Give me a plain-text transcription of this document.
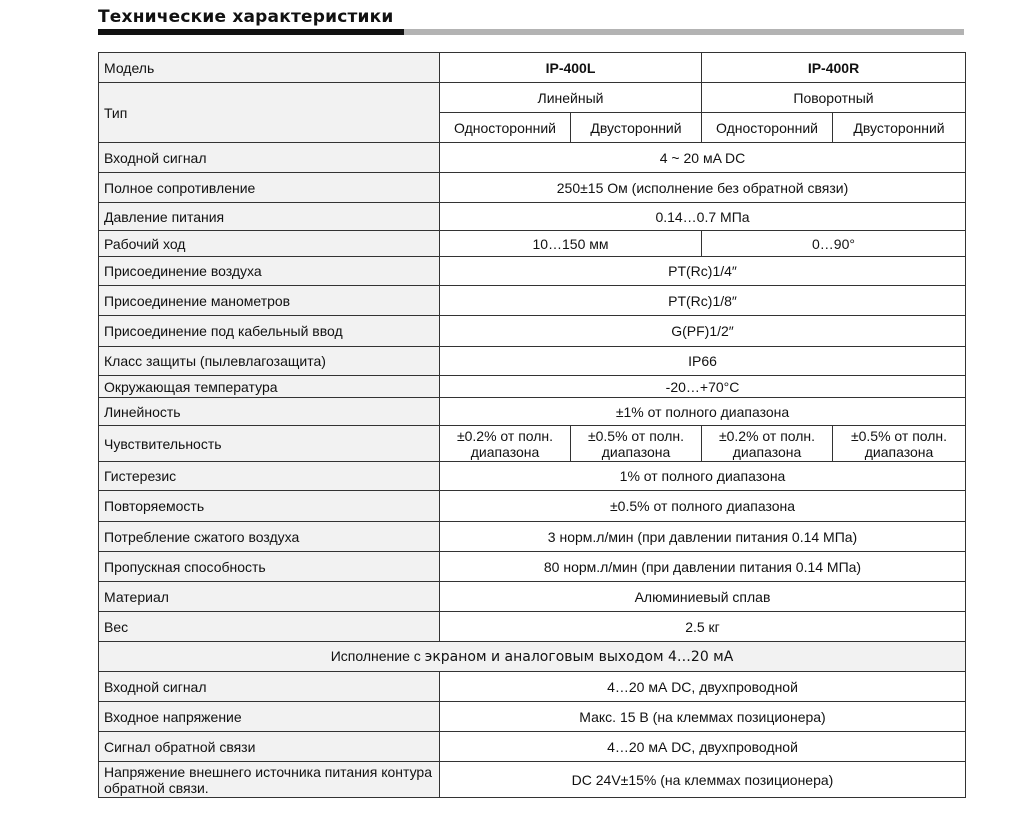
Технические характеристики
Модель	IP-400L		IP-400R	
Тип	Линейный		Поворотный	
	Односторонний	Двусторонний	Односторонний	Двусторонний
Входной сигнал	4 ~ 20 мA DC			
Полное сопротивление	250±15 Ом (исполнение без обратной связи)			
Давление питания	0.14…0.7 МПа			
Рабочий ход	10…150 мм		0…90°	
Присоединение воздуха	PT(Rc)1/4″			
Присоединение манометров	PT(Rc)1/8″			
Присоединение под кабельный ввод	G(PF)1/2″			
Класс защиты (пылевлагозащита)	IP66			
Окружающая температура	-20…+70°C			
Линейность	±1% от полного диапазона			
Чувствительность	±0.2% от полн. диапазона	±0.5% от полн. диапазона	±0.2% от полн. диапазона	±0.5% от полн. диапазона
Гистерезис	1% от полного диапазона			
Повторяемость	±0.5% от полного диапазона			
Потребление сжатого воздуха	3 норм.л/мин (при давлении питания 0.14 МПа)			
Пропускная способность	80 норм.л/мин (при давлении питания 0.14 МПа)			
Материал	Алюминиевый сплав			
Вес	2.5 кг			
Исполнение с экраном и аналоговым выходом 4…20 мА				
Входной сигнал	4…20 мА DC, двухпроводной			
Входное напряжение	Макс. 15 В (на клеммах позиционера)			
Сигнал обратной связи	4…20 мА DC, двухпроводной			
Напряжение внешнего источника питания контура обратной связи.	DC 24V±15% (на клеммах позиционера)			
